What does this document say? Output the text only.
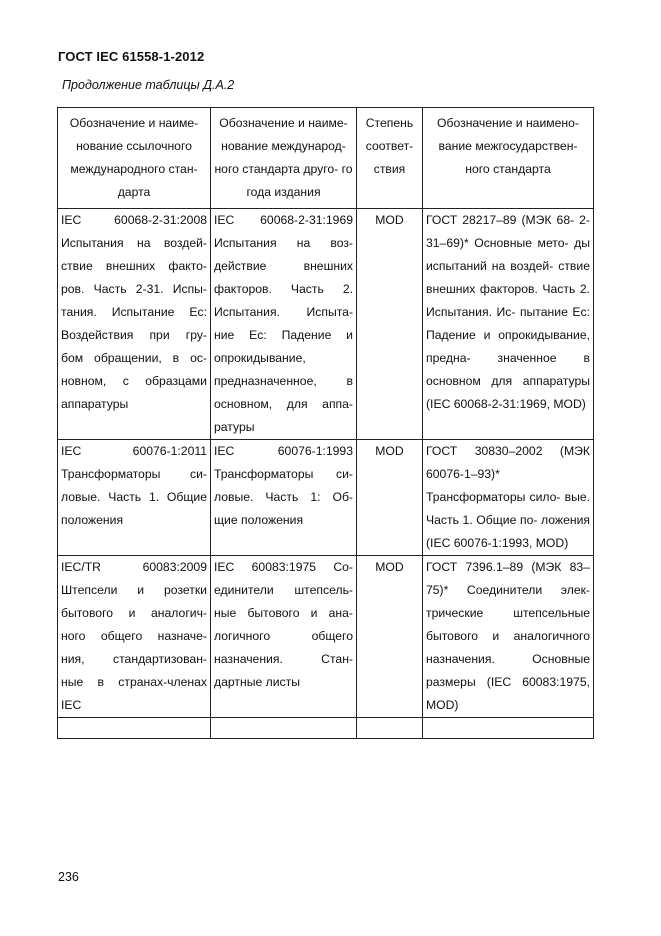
ГОСТ IEC 61558-1-2012
Продолжение таблицы Д.А.2
Обозначение и наиме- нование ссылочного международного стан- дарта	Обозначение и наиме- нование международ- ного стандарта друго- го года издания	Степень соответ- ствия	Обозначение и наимено- вание межгосударствен- ного стандарта
IEC 60068-2-31:2008 Испытания на воздей- ствие внешних факто- ров. Часть 2-31. Испы- тания. Испытание Ec: Воздействия при гру- бом обращении, в ос- новном, с образцами аппаратуры	IEC 60068-2-31:1969 Испытания на воз- действие внешних факторов. Часть 2. Испытания. Испыта- ние Ec: Падение и опрокидывание, предназначенное, в основном, для аппа- ратуры	MOD	ГОСТ 28217–89 (МЭК 68- 2-31–69)* Основные мето- ды испытаний на воздей- ствие внешних факторов. Часть 2. Испытания. Ис- пытание Ec: Падение и опрокидывание, предна- значенное в основном для аппаратуры (IEC 60068-2-31:1969, MOD)
IEC 60076-1:2011 Трансформаторы си- ловые. Часть 1. Общие положения	IEC 60076-1:1993 Трансформаторы си- ловые. Часть 1: Об- щие положения	MOD	ГОСТ 30830–2002 (МЭК 60076-1–93)* Трансформаторы сило- вые. Часть 1. Общие по- ложения (IEC 60076-1:1993, MOD)
IEC/TR 60083:2009 Штепсели и розетки бытового и аналогич- ного общего назначе- ния, стандартизован- ные в странах-членах IEC	IEC 60083:1975 Со- единители штепсель- ные бытового и ана- логичного общего назначения. Стан- дартные листы	MOD	ГОСТ 7396.1–89 (МЭК 83– 75)* Соединители элек- трические штепсельные бытового и аналогичного назначения. Основные размеры (IEC 60083:1975, MOD)

236
